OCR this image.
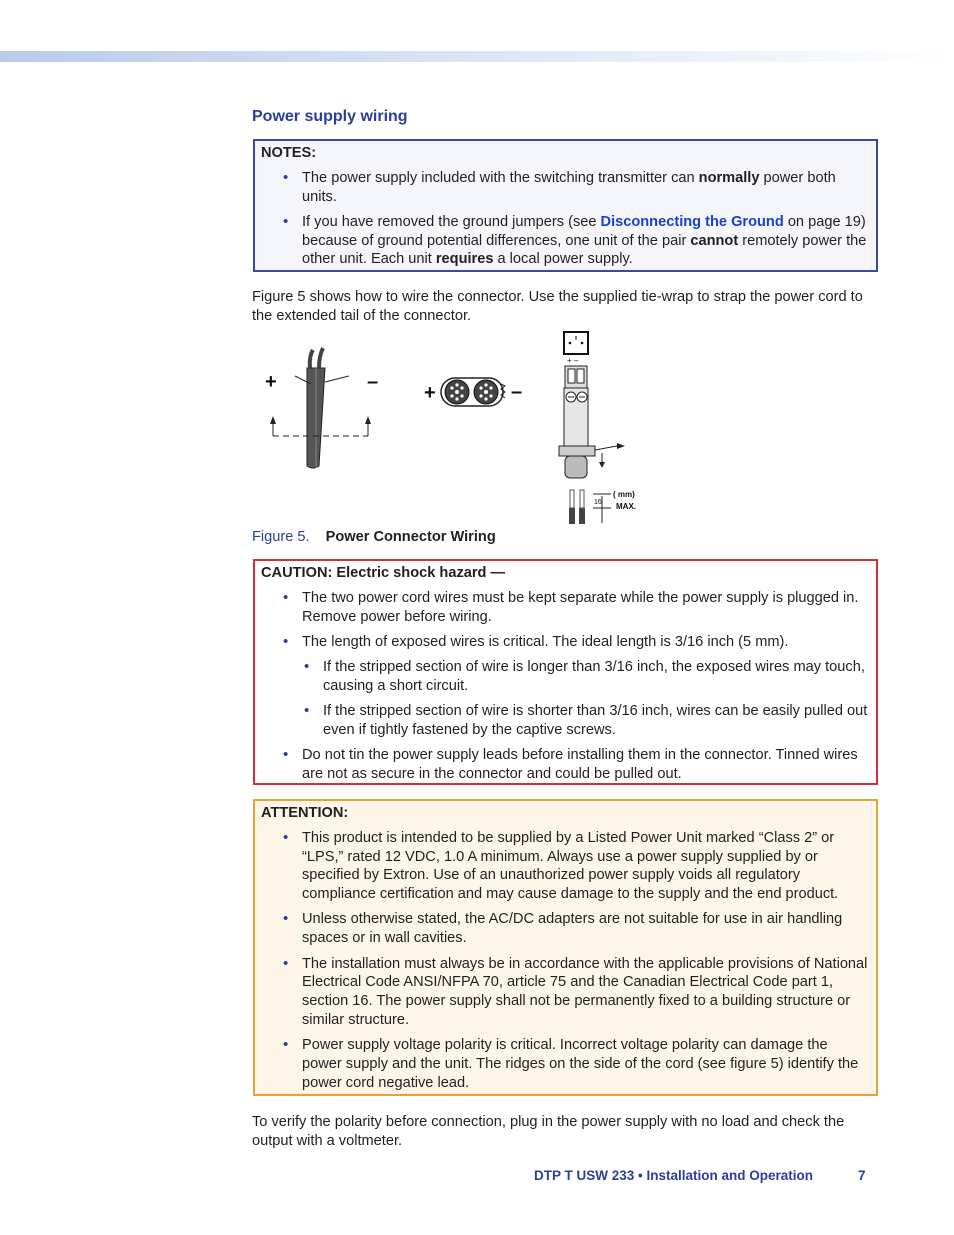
Power supply wiring
NOTES:
• The power supply included with the switching transmitter can normally power both units.
• If you have removed the ground jumpers (see Disconnecting the Ground on page 19) because of ground potential differences, one unit of the pair cannot remotely power the other unit. Each unit requires a local power supply.
Figure 5 shows how to wire the connector. Use the supplied tie-wrap to strap the power cord to the extended tail of the connector.
+	– +	–
+ –
16
( mm)
MAX.
Figure 5. Power Connector Wiring
CAUTION: Electric shock hazard —
• The two power cord wires must be kept separate while the power supply is plugged in. Remove power before wiring.
• The length of exposed wires is critical. The ideal length is 3/16 inch (5 mm).
• If the stripped section of wire is longer than 3/16 inch, the exposed wires may touch, causing a short circuit.
• If the stripped section of wire is shorter than 3/16 inch, wires can be easily pulled out even if tightly fastened by the captive screws.
• Do not tin the power supply leads before installing them in the connector. Tinned wires are not as secure in the connector and could be pulled out.
ATTENTION:
• This product is intended to be supplied by a Listed Power Unit marked “Class 2” or “LPS,” rated 12 VDC, 1.0 A minimum. Always use a power supply supplied by or specified by Extron. Use of an unauthorized power supply voids all regulatory compliance certification and may cause damage to the supply and the end product.
• Unless otherwise stated, the AC/DC adapters are not suitable for use in air handling spaces or in wall cavities.
• The installation must always be in accordance with the applicable provisions of National Electrical Code ANSI/NFPA 70, article 75 and the Canadian Electrical Code part 1, section 16. The power supply shall not be permanently fixed to a building structure or similar structure.
• Power supply voltage polarity is critical. Incorrect voltage polarity can damage the power supply and the unit. The ridges on the side of the cord (see figure 5) identify the power cord negative lead.
To verify the polarity before connection, plug in the power supply with no load and check the output with a voltmeter.
DTP T USW 233 • Installation and Operation	7
